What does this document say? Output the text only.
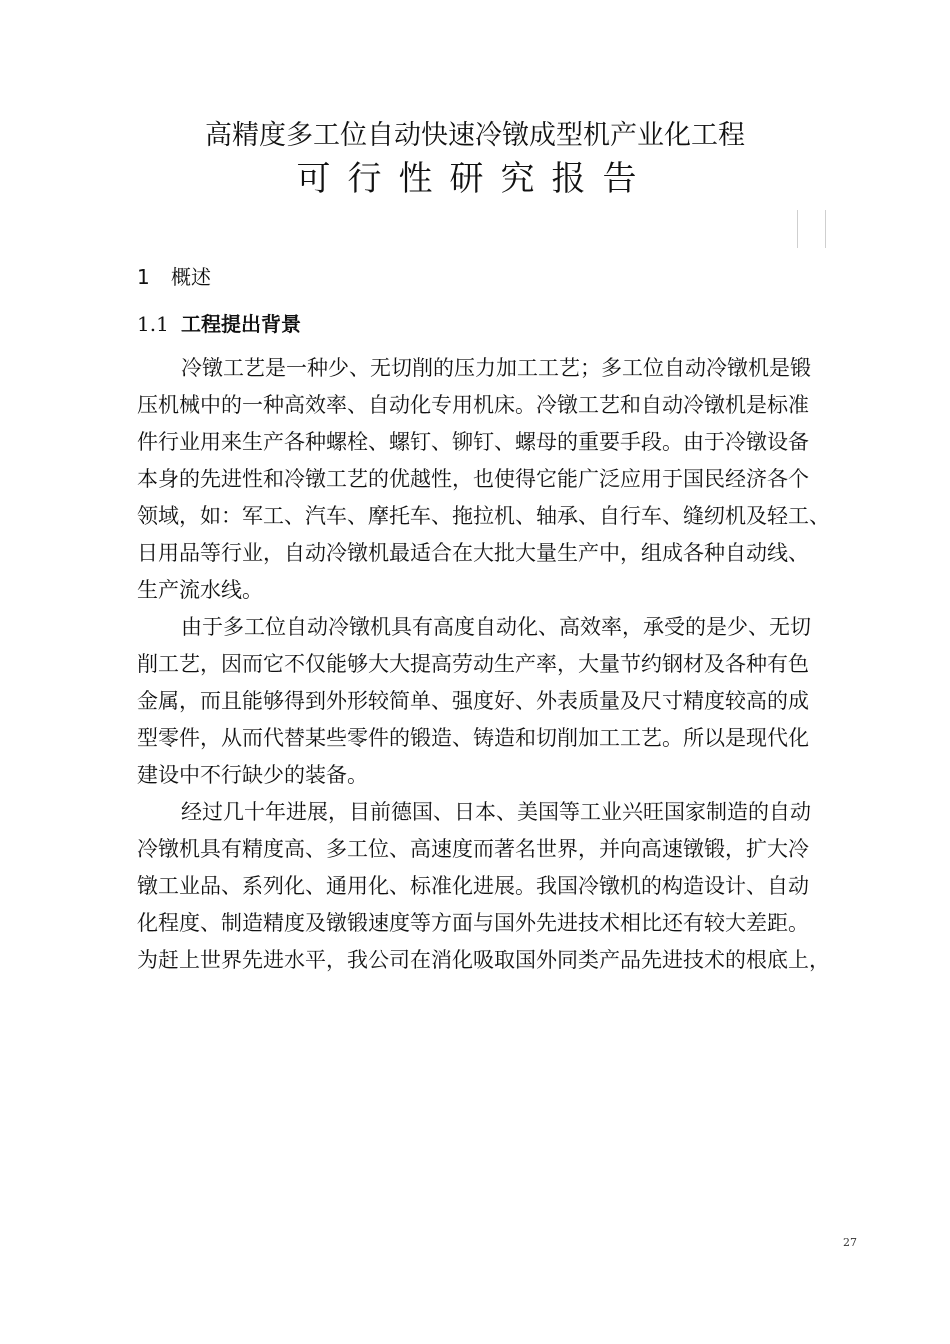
高精度多工位自动快速冷镦成型机产业化工程
可行性研究报告
1 概述
1.1 工程提出背景
冷镦工艺是一种少、无切削的压力加工工艺；多工位自动冷镦机是锻
压机械中的一种高效率、自动化专用机床。冷镦工艺和自动冷镦机是标准
件行业用来生产各种螺栓、螺钉、铆钉、螺母的重要手段。由于冷镦设备
本身的先进性和冷镦工艺的优越性，也使得它能广泛应用于国民经济各个
领域，如：军工、汽车、摩托车、拖拉机、轴承、自行车、缝纫机及轻工、
日用品等行业，自动冷镦机最适合在大批大量生产中，组成各种自动线、
生产流水线。
由于多工位自动冷镦机具有高度自动化、高效率，承受的是少、无切
削工艺，因而它不仅能够大大提高劳动生产率，大量节约钢材及各种有色
金属，而且能够得到外形较简单、强度好、外表质量及尺寸精度较高的成
型零件，从而代替某些零件的锻造、铸造和切削加工工艺。所以是现代化
建设中不行缺少的装备。
经过几十年进展，目前德国、日本、美国等工业兴旺国家制造的自动
冷镦机具有精度高、多工位、高速度而著名世界，并向高速镦锻，扩大冷
镦工业品、系列化、通用化、标准化进展。我国冷镦机的构造设计、自动
化程度、制造精度及镦锻速度等方面与国外先进技术相比还有较大差距。
为赶上世界先进水平，我公司在消化吸取国外同类产品先进技术的根底上，
27
